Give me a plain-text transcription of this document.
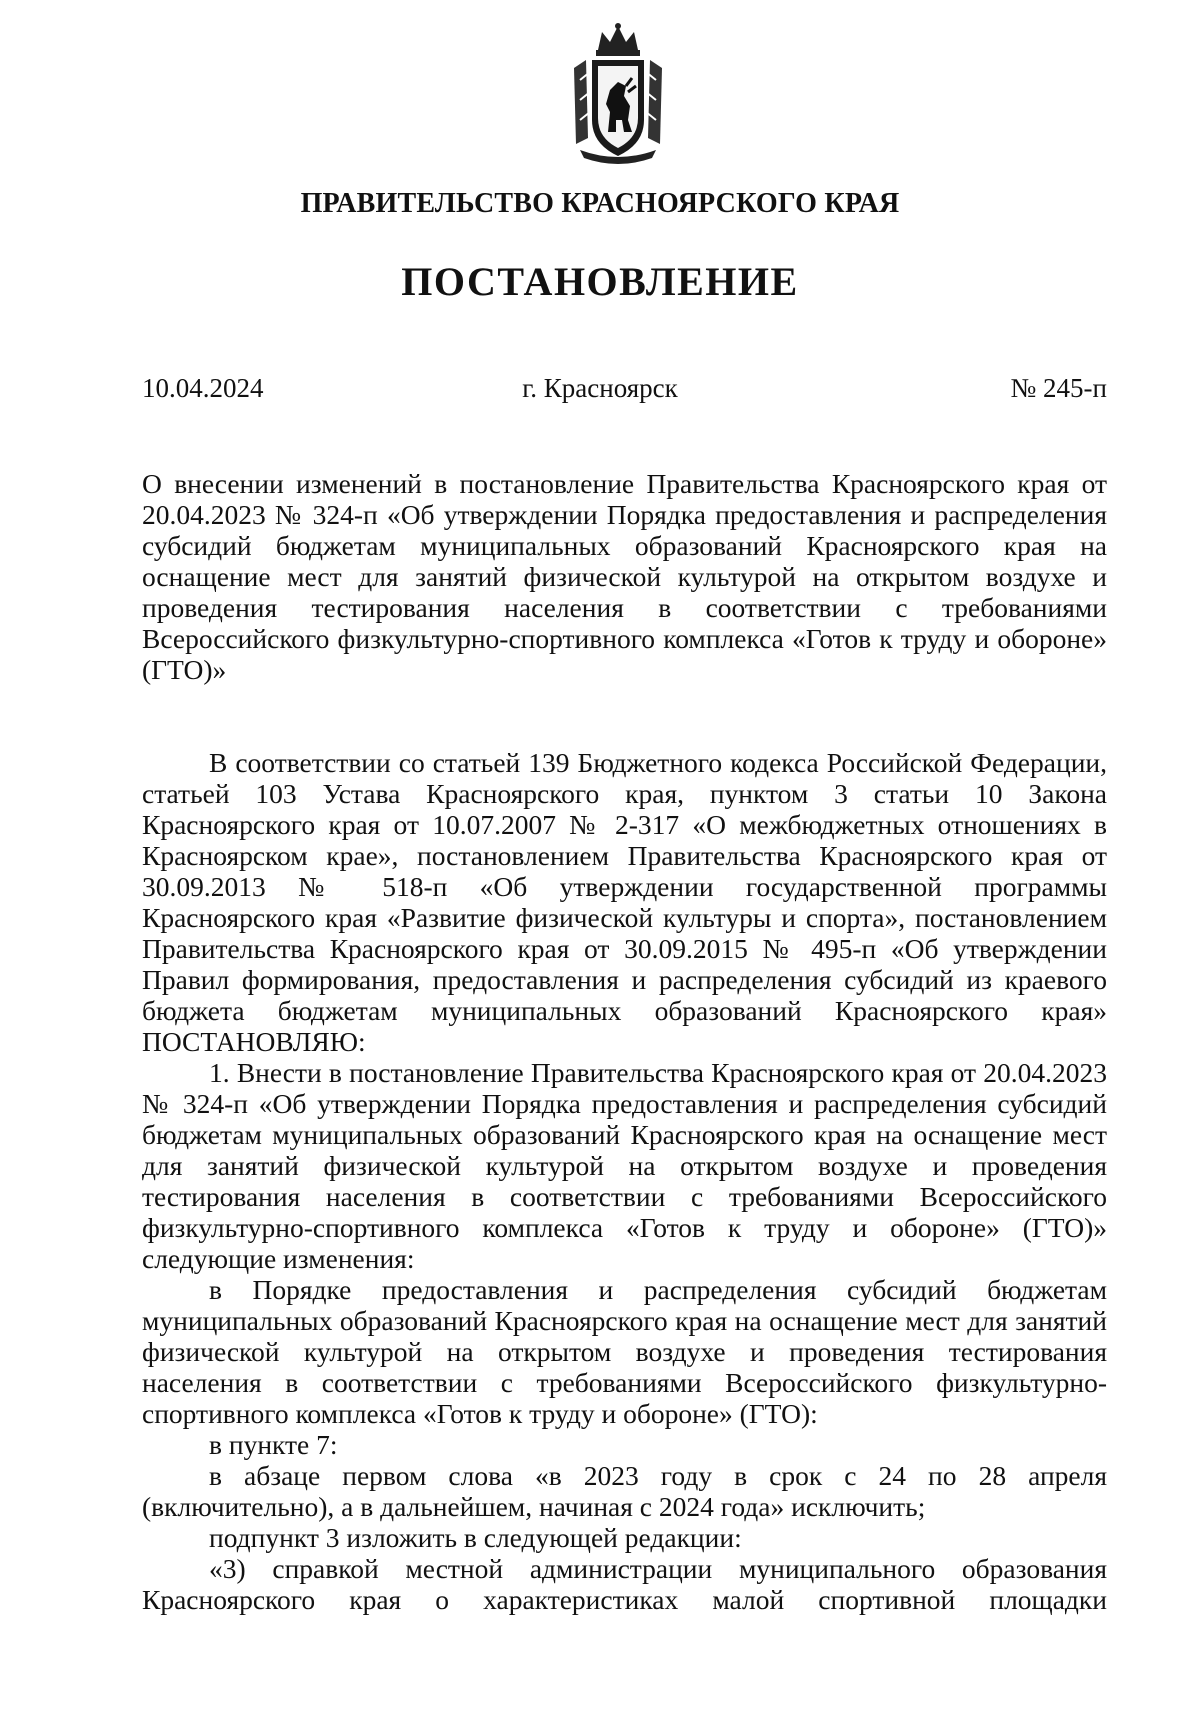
ПРАВИТЕЛЬСТВО КРАСНОЯРСКОГО КРАЯ
ПОСТАНОВЛЕНИЕ
10.04.2024	г. Красноярск	№ 245-п

О внесении изменений в постановление Правительства Красноярского края от 20.04.2023 № 324-п «Об утверждении Порядка предоставления и распределения субсидий бюджетам муниципальных образований Красноярского края на оснащение мест для занятий физической культурой на открытом воздухе и проведения тестирования населения в соответствии с требованиями Всероссийского физкультурно-спортивного комплекса «Готов к труду и обороне» (ГТО)»

В соответствии со статьей 139 Бюджетного кодекса Российской Федерации, статьей 103 Устава Красноярского края, пунктом 3 статьи 10 Закона Красноярского края от 10.07.2007 № 2-317 «О межбюджетных отношениях в Красноярском крае», постановлением Правительства Красноярского края от 30.09.2013 № 518-п «Об утверждении государственной программы Красноярского края «Развитие физической культуры и спорта», постановлением Правительства Красноярского края от 30.09.2015 № 495-п «Об утверждении Правил формирования, предоставления и распределения субсидий из краевого бюджета бюджетам муниципальных образований Красноярского края» ПОСТАНОВЛЯЮ:

1. Внести в постановление Правительства Красноярского края от 20.04.2023 № 324-п «Об утверждении Порядка предоставления и распределения субсидий бюджетам муниципальных образований Красноярского края на оснащение мест для занятий физической культурой на открытом воздухе и проведения тестирования населения в соответствии с требованиями Всероссийского физкультурно-спортивного комплекса «Готов к труду и обороне» (ГТО)» следующие изменения:

в Порядке предоставления и распределения субсидий бюджетам муниципальных образований Красноярского края на оснащение мест для занятий физической культурой на открытом воздухе и проведения тестирования населения в соответствии с требованиями Всероссийского физкультурно-спортивного комплекса «Готов к труду и обороне» (ГТО):

в пункте 7:

в абзаце первом слова «в 2023 году в срок с 24 по 28 апреля (включительно), а в дальнейшем, начиная с 2024 года» исключить;

подпункт 3 изложить в следующей редакции:

«3) справкой местной администрации муниципального образования Красноярского края о характеристиках малой спортивной площадки
